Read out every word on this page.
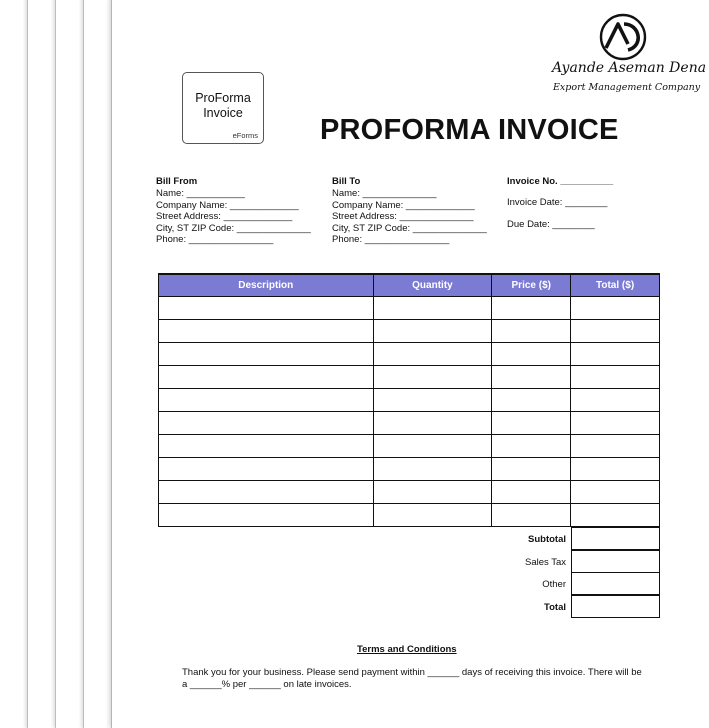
ProForma Invoice
eForms
Ayande Aseman Dena
Export Management Company
PROFORMA INVOICE
Bill From
Name: ___________
Company Name: _____________
Street Address: _____________
City, ST ZIP Code: ______________
Phone: ________________
Bill To
Name: ______________
Company Name: _____________
Street Address: ______________
City, ST ZIP Code: ______________
Phone: ________________
Invoice No. __________
Invoice Date: ________
Due Date: ________
Description	Quantity	Price ($)	Total ($)

Subtotal
Sales Tax
Other
Total
Terms and Conditions
Thank you for your business. Please send payment within ______ days of receiving this invoice. There will be a ______% per ______ on late invoices.
